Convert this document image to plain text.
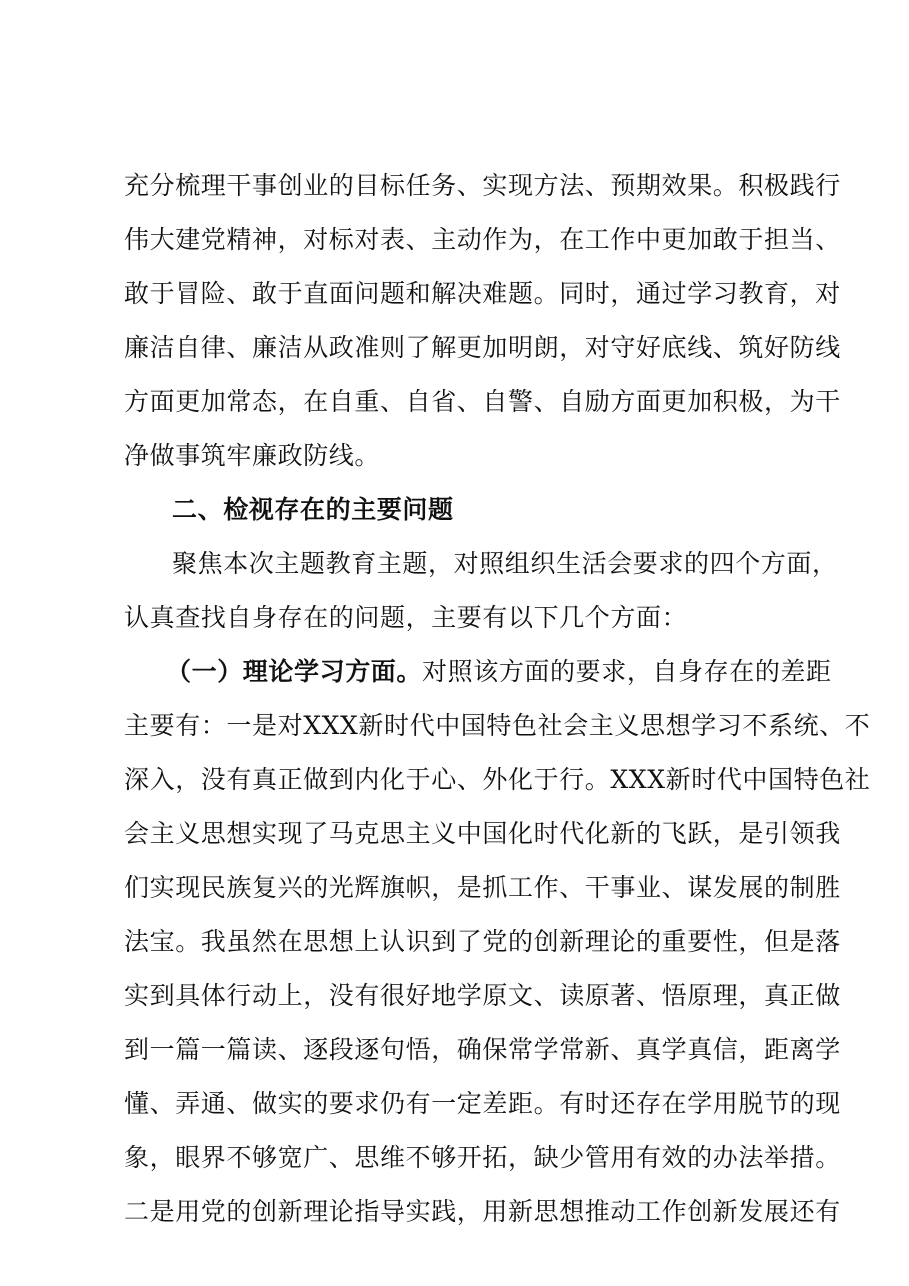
充分梳理干事创业的目标任务、实现方法、预期效果。积极践行
伟大建党精神，对标对表、主动作为，在工作中更加敢于担当、
敢于冒险、敢于直面问题和解决难题。同时，通过学习教育，对
廉洁自律、廉洁从政准则了解更加明朗，对守好底线、筑好防线
方面更加常态，在自重、自省、自警、自励方面更加积极，为干
净做事筑牢廉政防线。
二、检视存在的主要问题
聚焦本次主题教育主题，对照组织生活会要求的四个方面，
认真查找自身存在的问题，主要有以下几个方面：
（一）理论学习方面。对照该方面的要求，自身存在的差距
主要有：一是对XXX新时代中国特色社会主义思想学习不系统、不
深入，没有真正做到内化于心、外化于行。XXX新时代中国特色社
会主义思想实现了马克思主义中国化时代化新的飞跃，是引领我
们实现民族复兴的光辉旗帜，是抓工作、干事业、谋发展的制胜
法宝。我虽然在思想上认识到了党的创新理论的重要性，但是落
实到具体行动上，没有很好地学原文、读原著、悟原理，真正做
到一篇一篇读、逐段逐句悟，确保常学常新、真学真信，距离学
懂、弄通、做实的要求仍有一定差距。有时还存在学用脱节的现
象，眼界不够宽广、思维不够开拓，缺少管用有效的办法举措。
二是用党的创新理论指导实践，用新思想推动工作创新发展还有
